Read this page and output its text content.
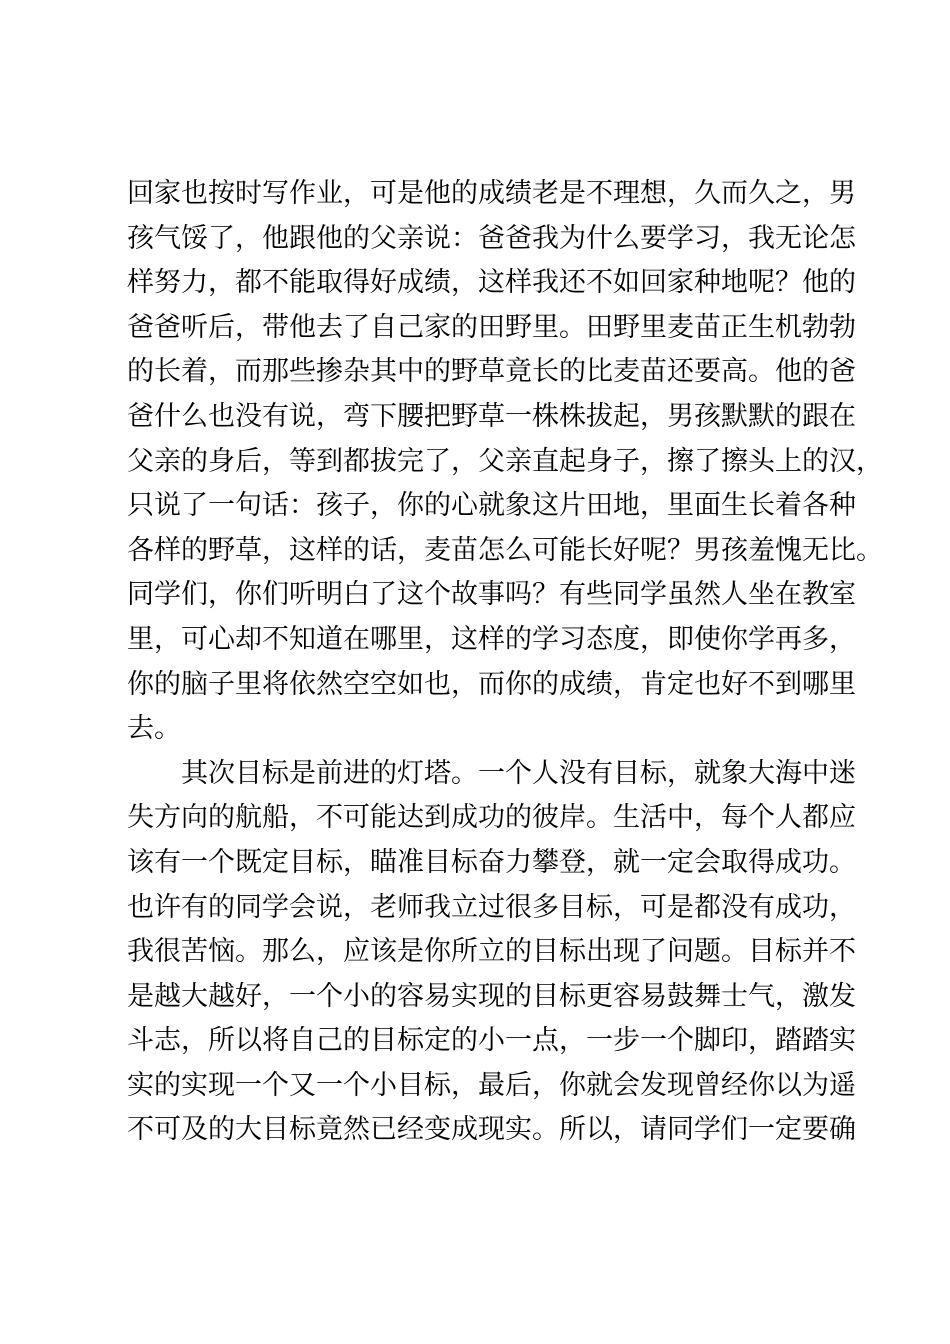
回家也按时写作业，可是他的成绩老是不理想，久而久之，男
孩气馁了，他跟他的父亲说：爸爸我为什么要学习，我无论怎
样努力，都不能取得好成绩，这样我还不如回家种地呢？他的
爸爸听后，带他去了自己家的田野里。田野里麦苗正生机勃勃
的长着，而那些掺杂其中的野草竟长的比麦苗还要高。他的爸
爸什么也没有说，弯下腰把野草一株株拔起，男孩默默的跟在
父亲的身后，等到都拔完了，父亲直起身子，擦了擦头上的汉，
只说了一句话：孩子，你的心就象这片田地，里面生长着各种
各样的野草，这样的话，麦苗怎么可能长好呢？男孩羞愧无比。
同学们，你们听明白了这个故事吗？有些同学虽然人坐在教室
里，可心却不知道在哪里，这样的学习态度，即使你学再多，
你的脑子里将依然空空如也，而你的成绩，肯定也好不到哪里
去。
其次目标是前进的灯塔。一个人没有目标，就象大海中迷
失方向的航船，不可能达到成功的彼岸。生活中，每个人都应
该有一个既定目标，瞄准目标奋力攀登，就一定会取得成功。
也许有的同学会说，老师我立过很多目标，可是都没有成功，
我很苦恼。那么，应该是你所立的目标出现了问题。目标并不
是越大越好，一个小的容易实现的目标更容易鼓舞士气，激发
斗志，所以将自己的目标定的小一点，一步一个脚印，踏踏实
实的实现一个又一个小目标，最后，你就会发现曾经你以为遥
不可及的大目标竟然已经变成现实。所以，请同学们一定要确
